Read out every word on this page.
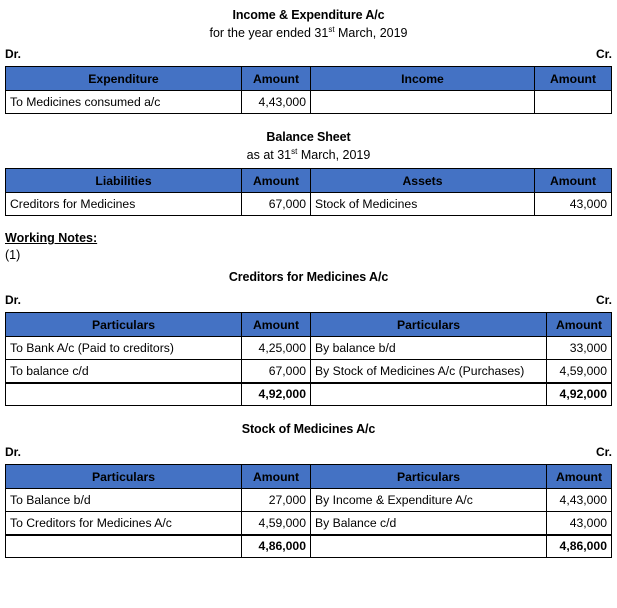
Income & Expenditure A/c
for the year ended 31st March, 2019
Dr.	Cr.
Expenditure	Amount	Income	Amount
To Medicines consumed a/c	4,43,000		
Balance Sheet
as at 31st March, 2019
Liabilities	Amount	Assets	Amount
Creditors for Medicines	67,000	Stock of Medicines	43,000
Working Notes:
(1)
Creditors for Medicines A/c
Dr.	Cr.
Particulars	Amount	Particulars	Amount
To Bank A/c (Paid to creditors)	4,25,000	By balance b/d	33,000
To balance c/d	67,000	By Stock of Medicines A/c (Purchases)	4,59,000
	4,92,000		4,92,000
Stock of Medicines A/c
Dr.	Cr.
Particulars	Amount	Particulars	Amount
To Balance b/d	27,000	By Income & Expenditure A/c	4,43,000
To Creditors for Medicines A/c	4,59,000	By Balance c/d	43,000
	4,86,000		4,86,000
